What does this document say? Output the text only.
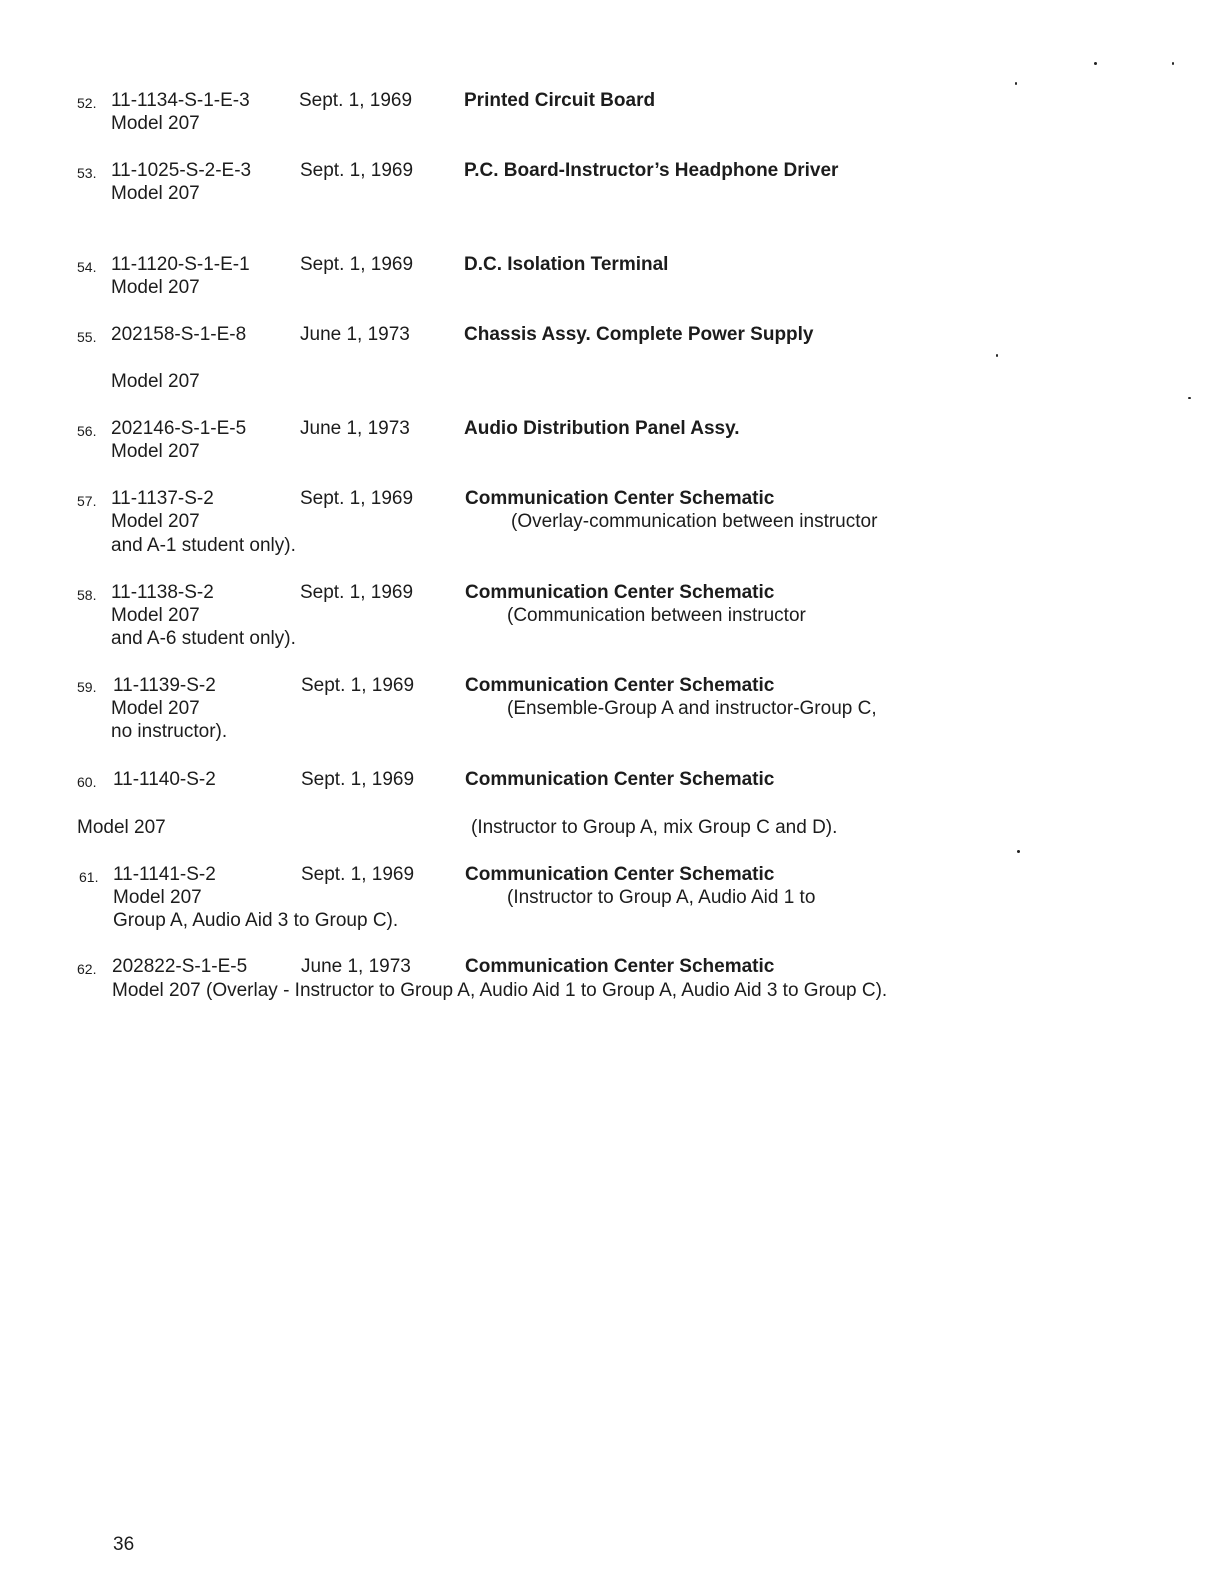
52. 11-1134-S-1-E-3	Sept. 1, 1969	Printed Circuit Board
Model 207
53. 11-1025-S-2-E-3	Sept. 1, 1969	P.C. Board-Instructor’s Headphone Driver
Model 207
54. 11-1120-S-1-E-1	Sept. 1, 1969	D.C. Isolation Terminal
Model 207
55. 202158-S-1-E-8	June 1, 1973	Chassis Assy. Complete Power Supply
Model 207
56. 202146-S-1-E-5	June 1, 1973	Audio Distribution Panel Assy.
Model 207
57. 11-1137-S-2	Sept. 1, 1969	Communication Center Schematic
Model 207	(Overlay-communication between instructor
and A-1 student only).
58. 11-1138-S-2	Sept. 1, 1969	Communication Center Schematic
Model 207	(Communication between instructor
and A-6 student only).
59. 11-1139-S-2	Sept. 1, 1969	Communication Center Schematic
Model 207	(Ensemble-Group A and instructor-Group C,
no instructor).
60. 11-1140-S-2	Sept. 1, 1969	Communication Center Schematic
Model 207	(Instructor to Group A, mix Group C and D).
61. 11-1141-S-2	Sept. 1, 1969	Communication Center Schematic
Model 207	(Instructor to Group A, Audio Aid 1 to
Group A, Audio Aid 3 to Group C).
62. 202822-S-1-E-5	June 1, 1973	Communication Center Schematic
Model 207 (Overlay - Instructor to Group A, Audio Aid 1 to Group A, Audio Aid 3 to Group C).
36
